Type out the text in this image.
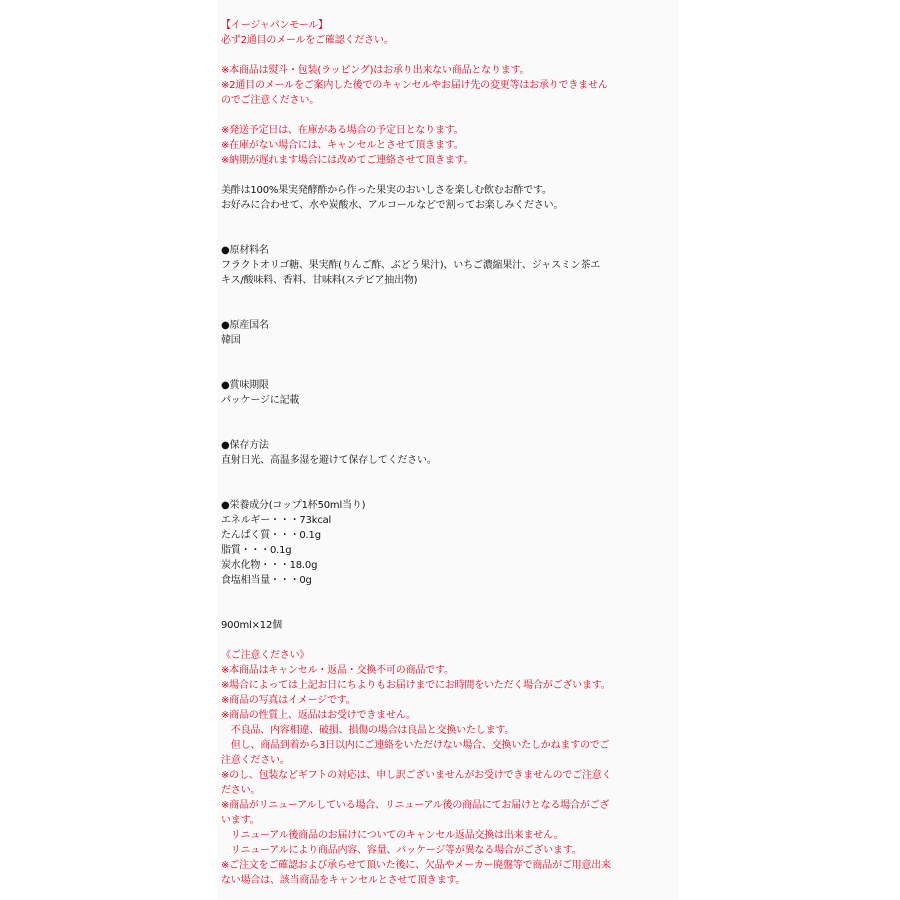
【イージャパンモール】
必ず2通目のメールをご確認ください。
※本商品は熨斗・包装(ラッピング)はお承り出来ない商品となります。
※2通目のメールをご案内した後でのキャンセルやお届け先の変更等はお承りできません
のでご注意ください。
※発送予定日は、在庫がある場合の予定日となります。
※在庫がない場合には、キャンセルとさせて頂きます。
※納期が遅れます場合には改めてご連絡させて頂きます。
美酢は100%果実発酵酢から作った果実のおいしさを楽しむ飲むお酢です。
お好みに合わせて、水や炭酸水、アルコールなどで割ってお楽しみください。
●原材料名
フラクトオリゴ糖、果実酢(りんご酢、ぶどう果汁)、いちご濃縮果汁、ジャスミン茶エ
キス/酸味料、香料、甘味料(ステビア抽出物)
●原産国名
韓国
●賞味期限
パッケージに記載
●保存方法
直射日光、高温多湿を避けて保存してください。
●栄養成分(コップ1杯50ml当り)
エネルギー・・・73kcal
たんぱく質・・・0.1g
脂質・・・0.1g
炭水化物・・・18.0g
食塩相当量・・・0g
900ml×12個
《ご注意ください》
※本商品はキャンセル・返品・交換不可の商品です。
※場合によっては上記お日にちよりもお届けまでにお時間をいただく場合がございます。
※商品の写真はイメージです。
※商品の性質上、返品はお受けできません。
　不良品、内容相違、破損、損傷の場合は良品と交換いたします。
　但し、商品到着から3日以内にご連絡をいただけない場合、交換いたしかねますのでご
注意ください。
※のし、包装などギフトの対応は、申し訳ございませんがお受けできませんのでご注意く
ださい。
※商品がリニューアルしている場合、リニューアル後の商品にてお届けとなる場合がござ
います。
　リニューアル後商品のお届けについてのキャンセル返品交換は出来ません。
　リニューアルにより商品内容、容量、パッケージ等が異なる場合がございます。
※ご注文をご確認および承らせて頂いた後に、欠品やメーカー廃盤等で商品がご用意出来
ない場合は、該当商品をキャンセルとさせて頂きます。
